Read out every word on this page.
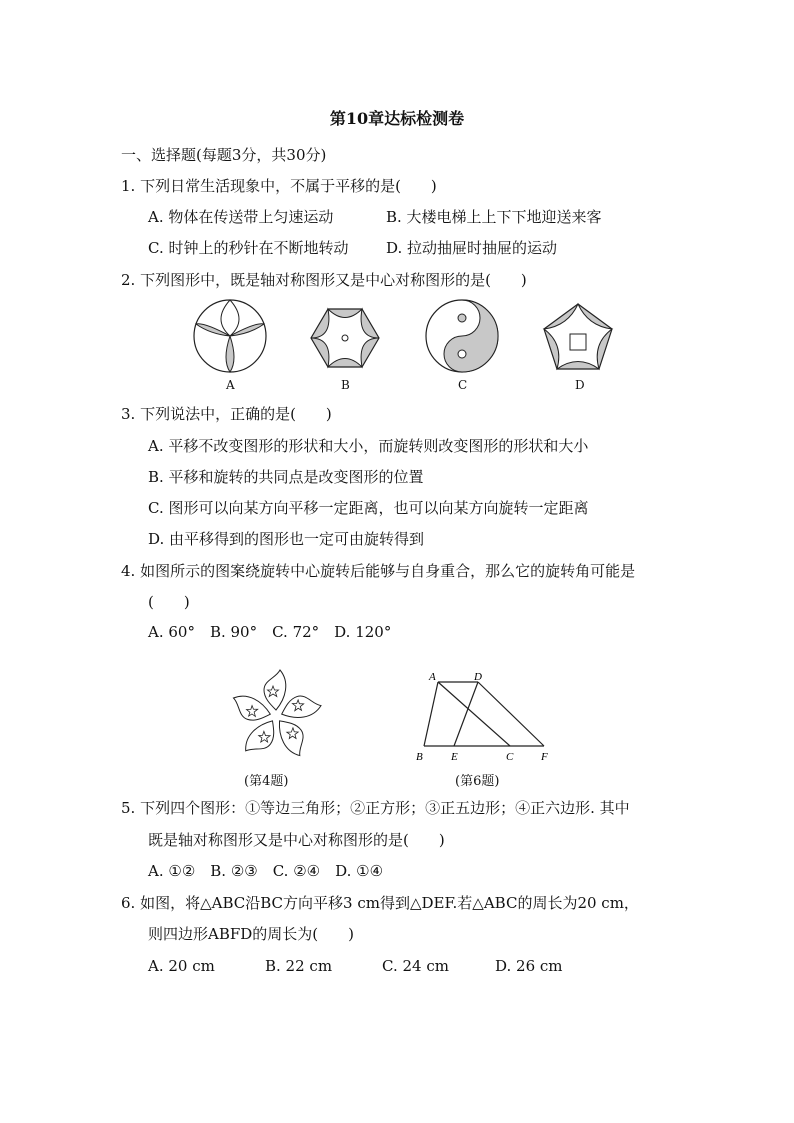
第10章达标检测卷
一、选择题(每题3分，共30分)
1. 下列日常生活现象中，不属于平移的是(　　)
A. 物体在传送带上匀速运动	B. 大楼电梯上上下下地迎送来客
C. 时钟上的秒针在不断地转动	D. 拉动抽屉时抽屉的运动
2. 下列图形中，既是轴对称图形又是中心对称图形的是(　　)
A	B	C	D
3. 下列说法中，正确的是(　　)
A. 平移不改变图形的形状和大小，而旋转则改变图形的形状和大小
B. 平移和旋转的共同点是改变图形的位置
C. 图形可以向某方向平移一定距离，也可以向某方向旋转一定距离
D. 由平移得到的图形也一定可由旋转得到
4. 如图所示的图案绕旋转中心旋转后能够与自身重合，那么它的旋转角可能是
(　　)
A. 60°　B. 90°　C. 72°　D. 120°
(第4题)
A	D
B	E	C	F
(第6题)
5. 下列四个图形：①等边三角形；②正方形；③正五边形；④正六边形. 其中
既是轴对称图形又是中心对称图形的是(　　)
A. ①②　B. ②③　C. ②④　D. ①④
6. 如图，将△ABC沿BC方向平移3 cm得到△DEF.若△ABC的周长为20 cm，
则四边形ABFD的周长为(　　)
A. 20 cm	B. 22 cm	C. 24 cm	D. 26 cm
